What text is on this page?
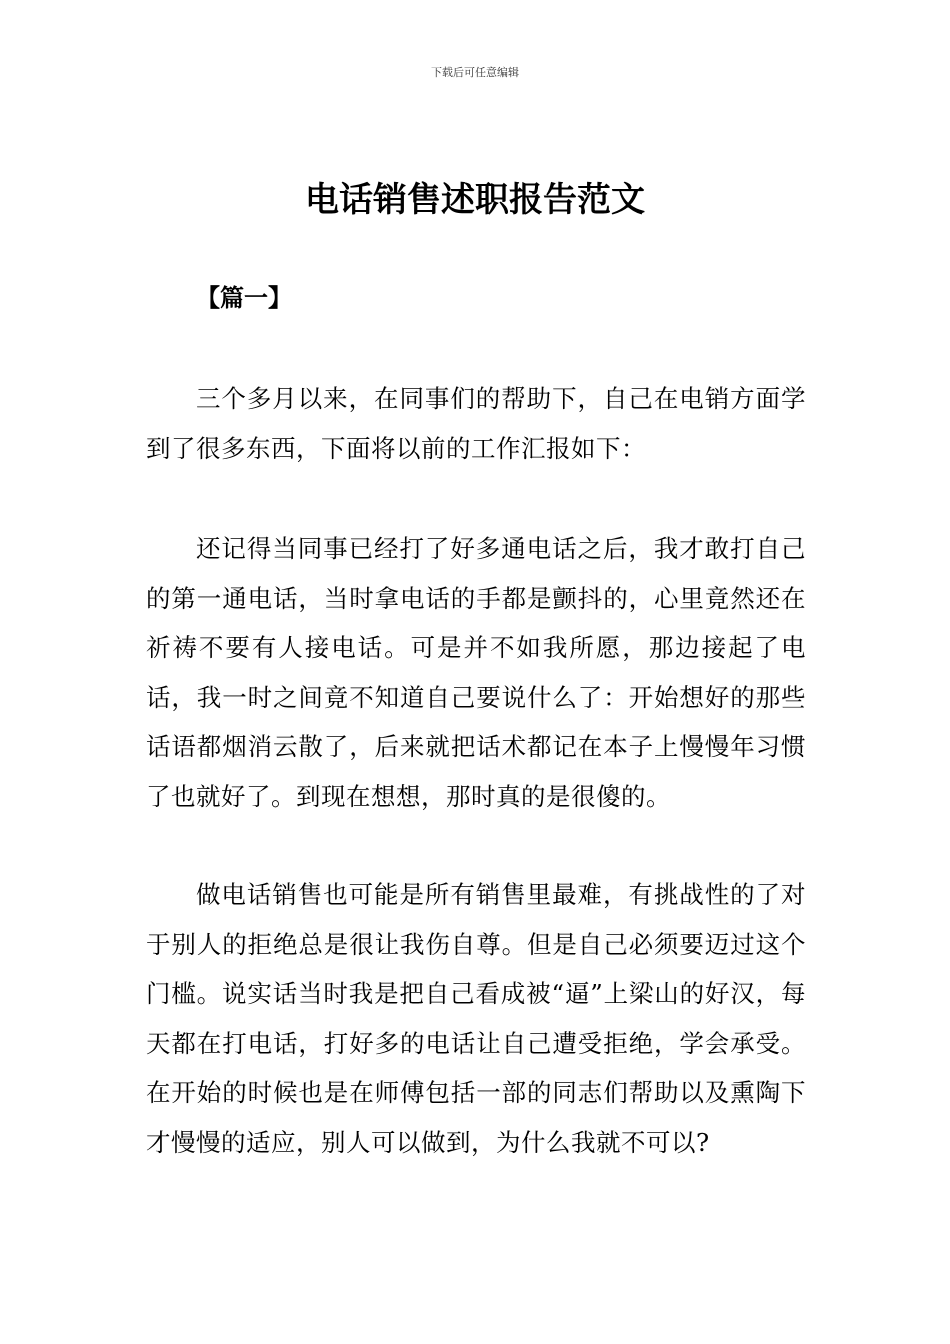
下载后可任意编辑
电话销售述职报告范文
【篇一】

三个多月以来，在同事们的帮助下，自己在电销方面学到了很多东西，下面将以前的工作汇报如下：

还记得当同事已经打了好多通电话之后，我才敢打自己的第一通电话，当时拿电话的手都是颤抖的，心里竟然还在祈祷不要有人接电话。可是并不如我所愿，那边接起了电话，我一时之间竟不知道自己要说什么了：开始想好的那些话语都烟消云散了，后来就把话术都记在本子上慢慢年习惯了也就好了。到现在想想，那时真的是很傻的。

做电话销售也可能是所有销售里最难，有挑战性的了对于别人的拒绝总是很让我伤自尊。但是自己必须要迈过这个门槛。说实话当时我是把自己看成被“逼”上梁山的好汉，每天都在打电话，打好多的电话让自己遭受拒绝，学会承受。在开始的时候也是在师傅包括一部的同志们帮助以及熏陶下才慢慢的适应，别人可以做到，为什么我就不可以?
